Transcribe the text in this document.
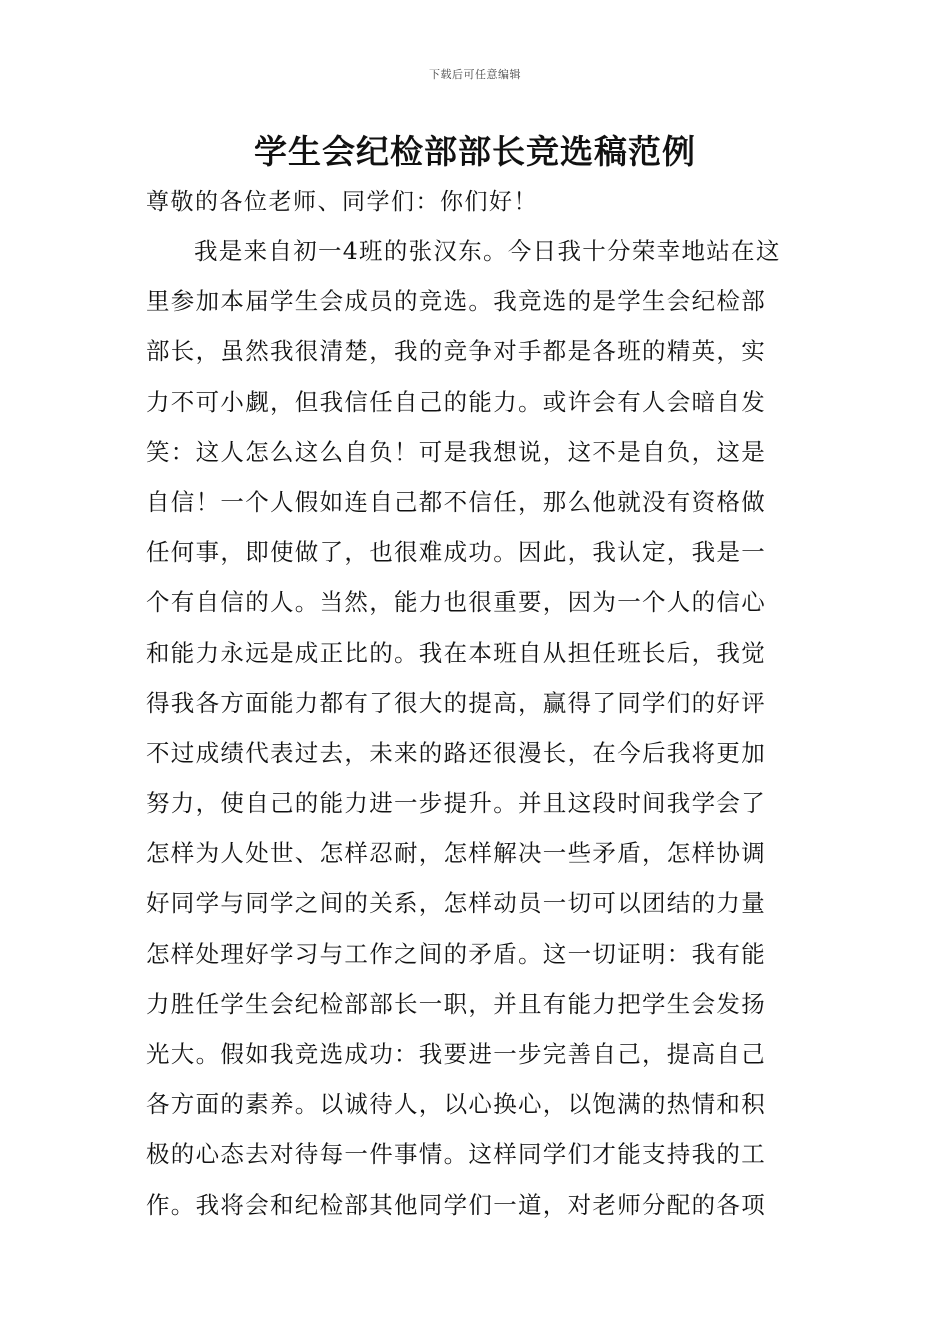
下载后可任意编辑
学生会纪检部部长竞选稿范例
尊敬的各位老师、同学们：你们好！
我是来自初一4班的张汉东。今日我十分荣幸地站在这
里参加本届学生会成员的竞选。我竞选的是学生会纪检部
部长，虽然我很清楚，我的竞争对手都是各班的精英，实
力不可小觑，但我信任自己的能力。或许会有人会暗自发
笑：这人怎么这么自负！可是我想说，这不是自负，这是
自信！一个人假如连自己都不信任，那么他就没有资格做
任何事，即使做了，也很难成功。因此，我认定，我是一
个有自信的人。当然，能力也很重要，因为一个人的信心
和能力永远是成正比的。我在本班自从担任班长后，我觉
得我各方面能力都有了很大的提高，赢得了同学们的好评
不过成绩代表过去，未来的路还很漫长，在今后我将更加
努力，使自己的能力进一步提升。并且这段时间我学会了
怎样为人处世、怎样忍耐，怎样解决一些矛盾，怎样协调
好同学与同学之间的关系，怎样动员一切可以团结的力量
怎样处理好学习与工作之间的矛盾。这一切证明：我有能
力胜任学生会纪检部部长一职，并且有能力把学生会发扬
光大。假如我竞选成功：我要进一步完善自己，提高自己
各方面的素养。以诚待人，以心换心，以饱满的热情和积
极的心态去对待每一件事情。这样同学们才能支持我的工
作。我将会和纪检部其他同学们一道，对老师分配的各项
